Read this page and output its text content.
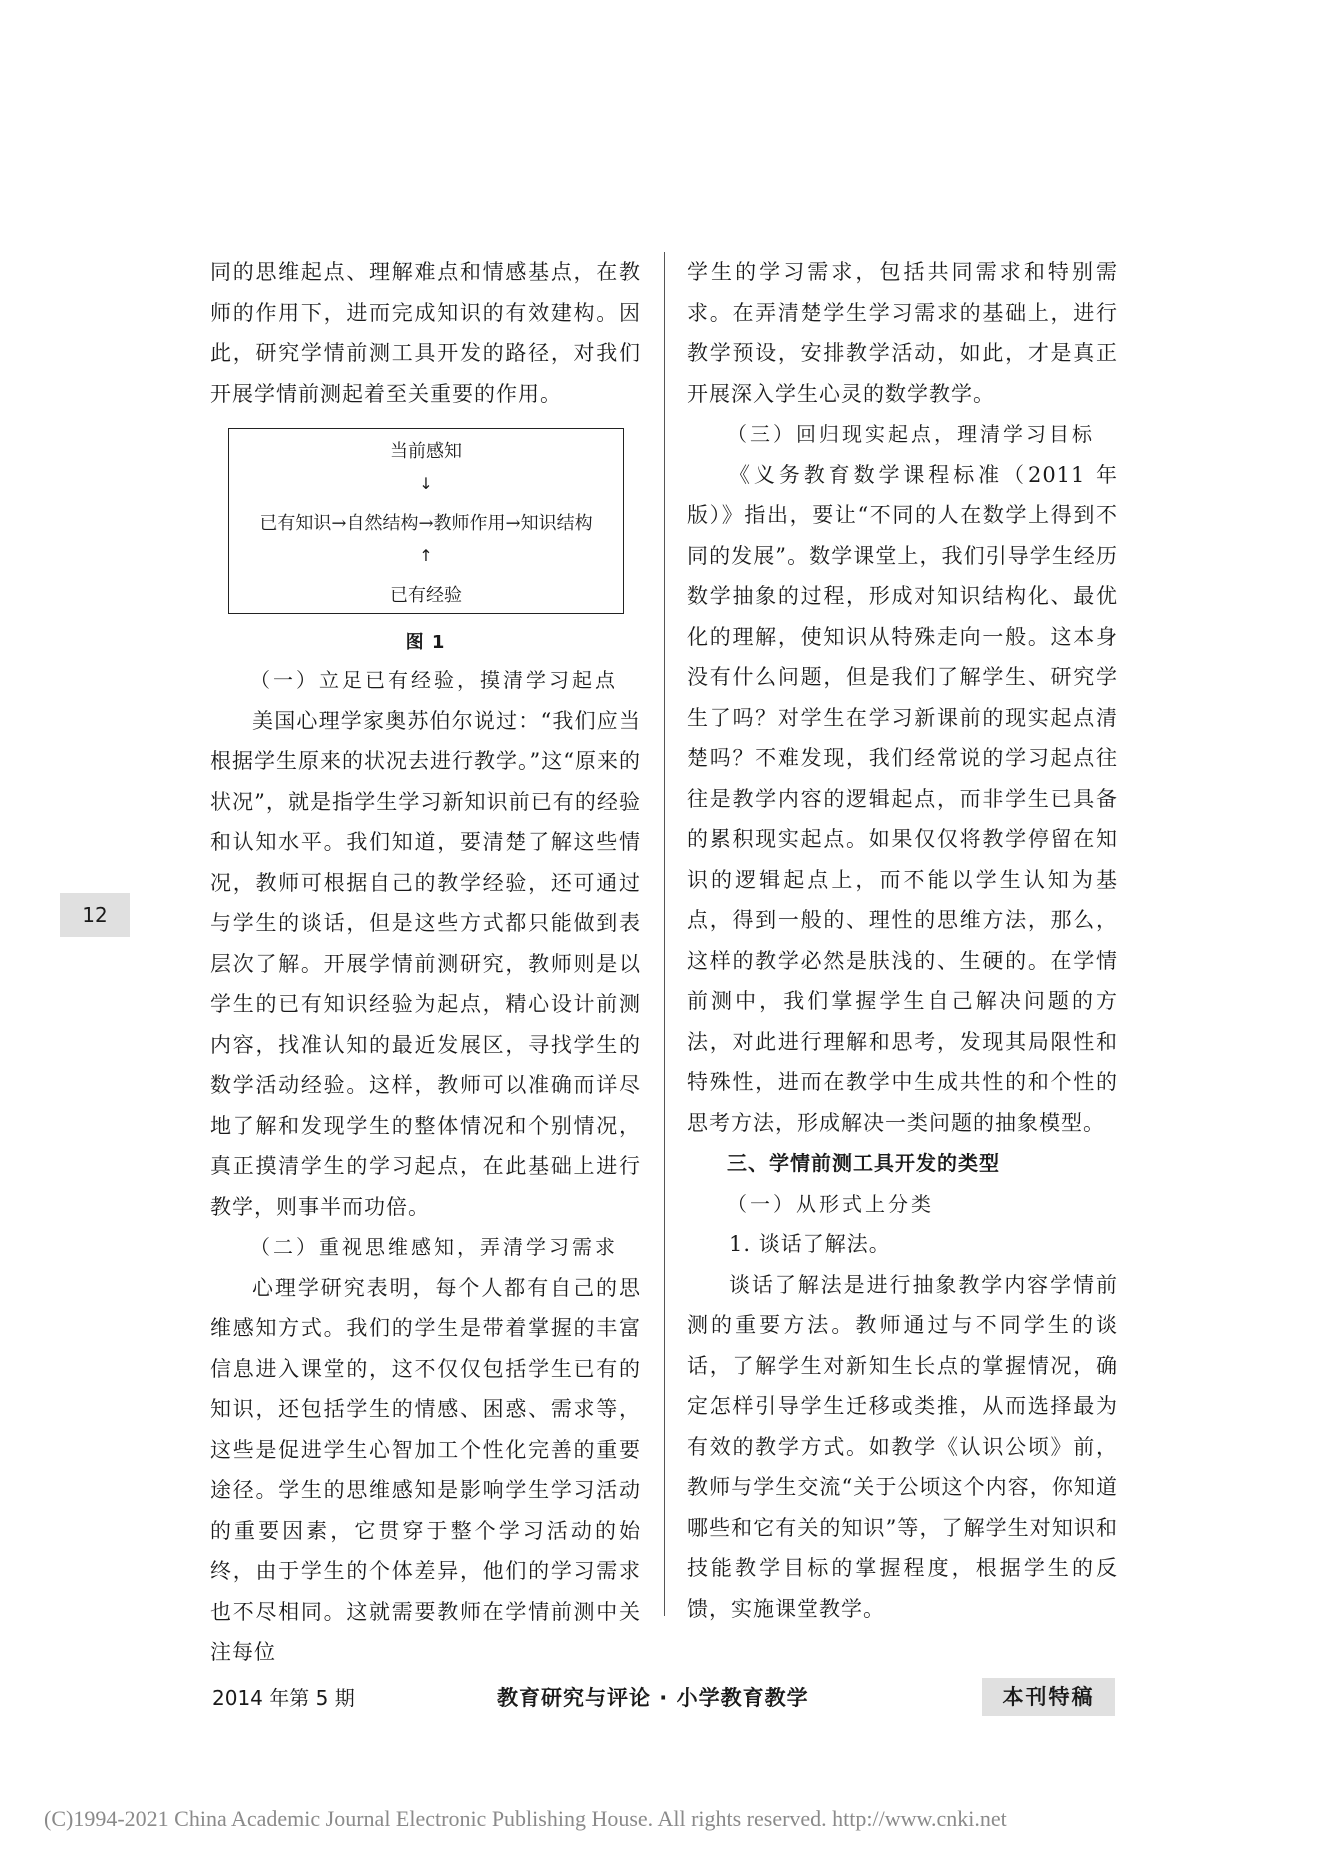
同的思维起点、理解难点和情感基点，在教师的作用下，进而完成知识的有效建构。因此，研究学情前测工具开发的路径，对我们开展学情前测起着至关重要的作用。

当前感知
↓
已有知识→自然结构→教师作用→知识结构
↑
已有经验
图 1

（一）立足已有经验，摸清学习起点

美国心理学家奥苏伯尔说过：“我们应当根据学生原来的状况去进行教学。”这“原来的状况”，就是指学生学习新知识前已有的经验和认知水平。我们知道，要清楚了解这些情况，教师可根据自己的教学经验，还可通过与学生的谈话，但是这些方式都只能做到表层次了解。开展学情前测研究，教师则是以学生的已有知识经验为起点，精心设计前测内容，找准认知的最近发展区，寻找学生的数学活动经验。这样，教师可以准确而详尽地了解和发现学生的整体情况和个别情况，真正摸清学生的学习起点，在此基础上进行教学，则事半而功倍。

（二）重视思维感知，弄清学习需求

心理学研究表明，每个人都有自己的思维感知方式。我们的学生是带着掌握的丰富信息进入课堂的，这不仅仅包括学生已有的知识，还包括学生的情感、困惑、需求等，这些是促进学生心智加工个性化完善的重要途径。学生的思维感知是影响学生学习活动的重要因素，它贯穿于整个学习活动的始终，由于学生的个体差异，他们的学习需求也不尽相同。这就需要教师在学情前测中关注每位

学生的学习需求，包括共同需求和特别需求。在弄清楚学生学习需求的基础上，进行教学预设，安排教学活动，如此，才是真正开展深入学生心灵的数学教学。

（三）回归现实起点，理清学习目标

《义务教育数学课程标准（2011 年版）》指出，要让“不同的人在数学上得到不同的发展”。数学课堂上，我们引导学生经历数学抽象的过程，形成对知识结构化、最优化的理解，使知识从特殊走向一般。这本身没有什么问题，但是我们了解学生、研究学生了吗？对学生在学习新课前的现实起点清楚吗？不难发现，我们经常说的学习起点往往是教学内容的逻辑起点，而非学生已具备的累积现实起点。如果仅仅将教学停留在知识的逻辑起点上，而不能以学生认知为基点，得到一般的、理性的思维方法，那么，这样的教学必然是肤浅的、生硬的。在学情前测中，我们掌握学生自己解决问题的方法，对此进行理解和思考，发现其局限性和特殊性，进而在教学中生成共性的和个性的思考方法，形成解决一类问题的抽象模型。

三、学情前测工具开发的类型

（一）从形式上分类

1. 谈话了解法。

谈话了解法是进行抽象教学内容学情前测的重要方法。教师通过与不同学生的谈话，了解学生对新知生长点的掌握情况，确定怎样引导学生迁移或类推，从而选择最为有效的教学方式。如教学《认识公顷》前，教师与学生交流“关于公顷这个内容，你知道哪些和它有关的知识”等，了解学生对知识和技能教学目标的掌握程度，根据学生的反馈，实施课堂教学。

12
2014 年第 5 期	教育研究与评论 · 小学教育教学	本刊特稿
(C)1994-2021 China Academic Journal Electronic Publishing House. All rights reserved. http://www.cnki.net
